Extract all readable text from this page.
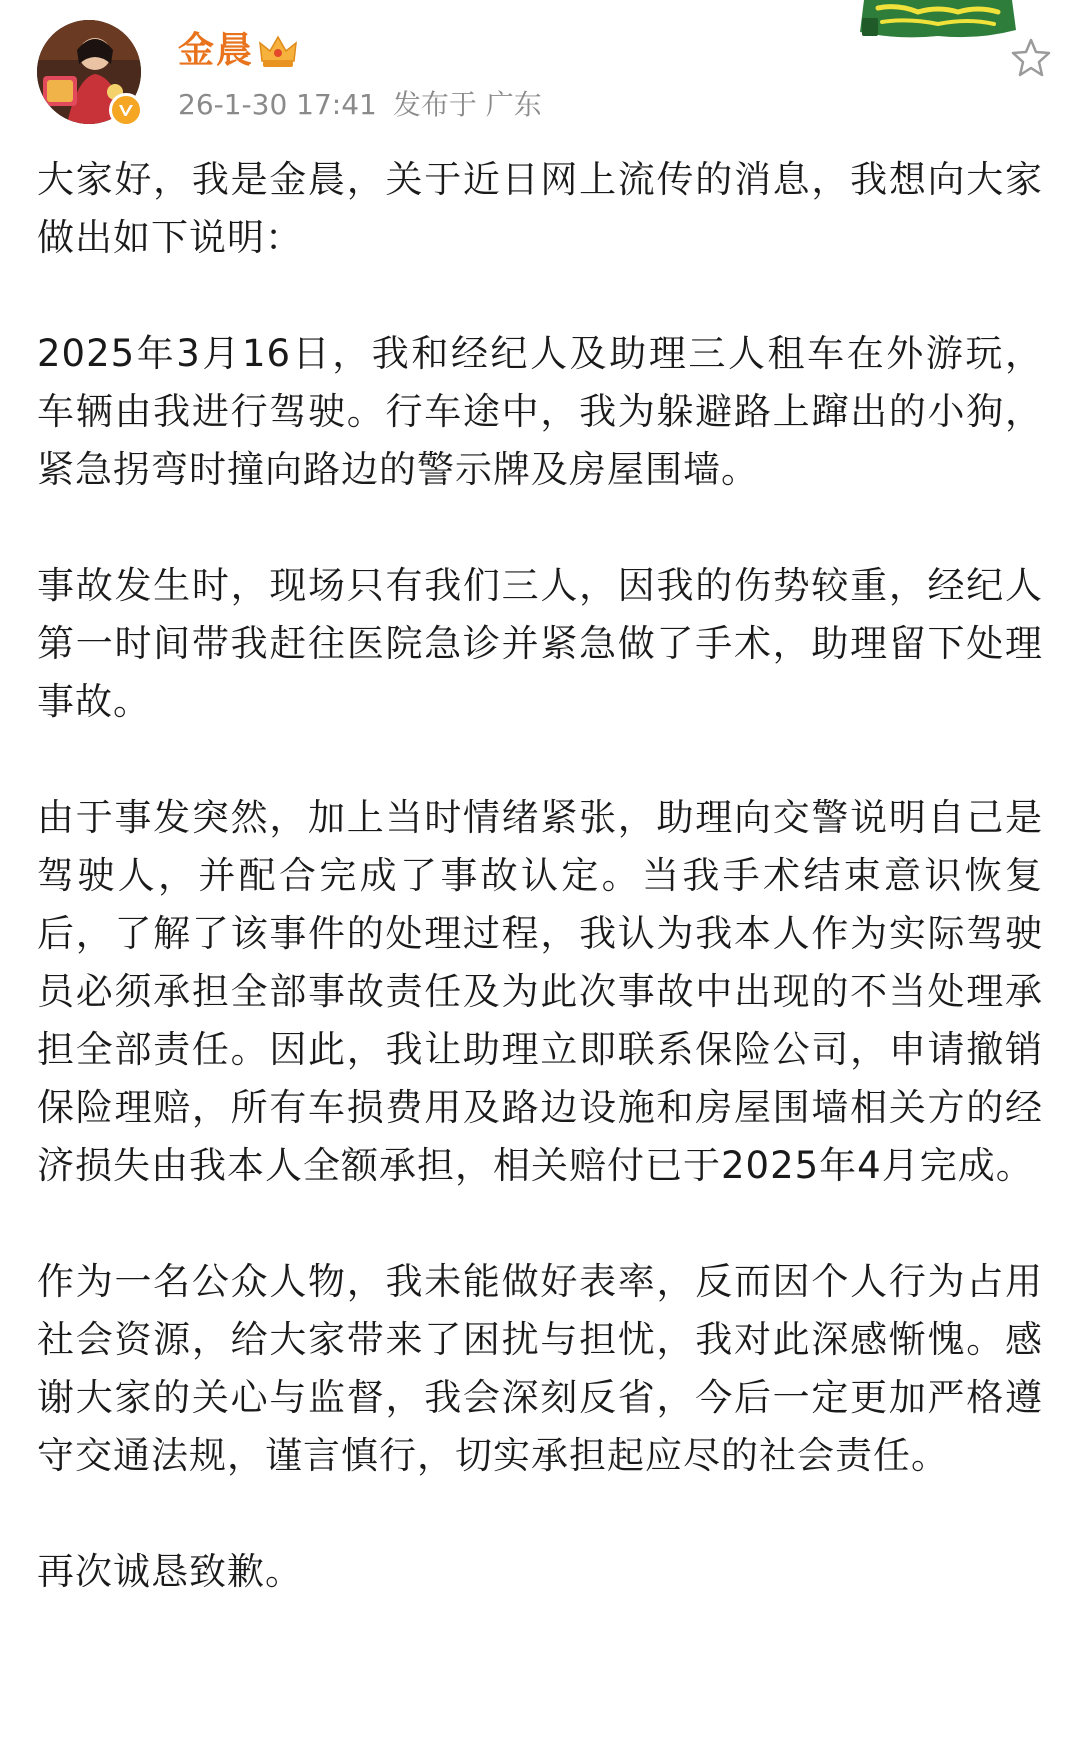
金晨
26-1-30 17:41 发布于 广东

大家好，我是金晨，关于近日网上流传的消息，我想向大家做出如下说明：

2025年3月16日，我和经纪人及助理三人租车在外游玩，车辆由我进行驾驶。行车途中，我为躲避路上蹿出的小狗，紧急拐弯时撞向路边的警示牌及房屋围墙。

事故发生时，现场只有我们三人，因我的伤势较重，经纪人第一时间带我赶往医院急诊并紧急做了手术，助理留下处理事故。

由于事发突然，加上当时情绪紧张，助理向交警说明自己是驾驶人，并配合完成了事故认定。当我手术结束意识恢复后，了解了该事件的处理过程，我认为我本人作为实际驾驶员必须承担全部事故责任及为此次事故中出现的不当处理承担全部责任。因此，我让助理立即联系保险公司，申请撤销保险理赔，所有车损费用及路边设施和房屋围墙相关方的经济损失由我本人全额承担，相关赔付已于2025年4月完成。

作为一名公众人物，我未能做好表率，反而因个人行为占用社会资源，给大家带来了困扰与担忧，我对此深感惭愧。感谢大家的关心与监督，我会深刻反省，今后一定更加严格遵守交通法规，谨言慎行，切实承担起应尽的社会责任。

再次诚恳致歉。
